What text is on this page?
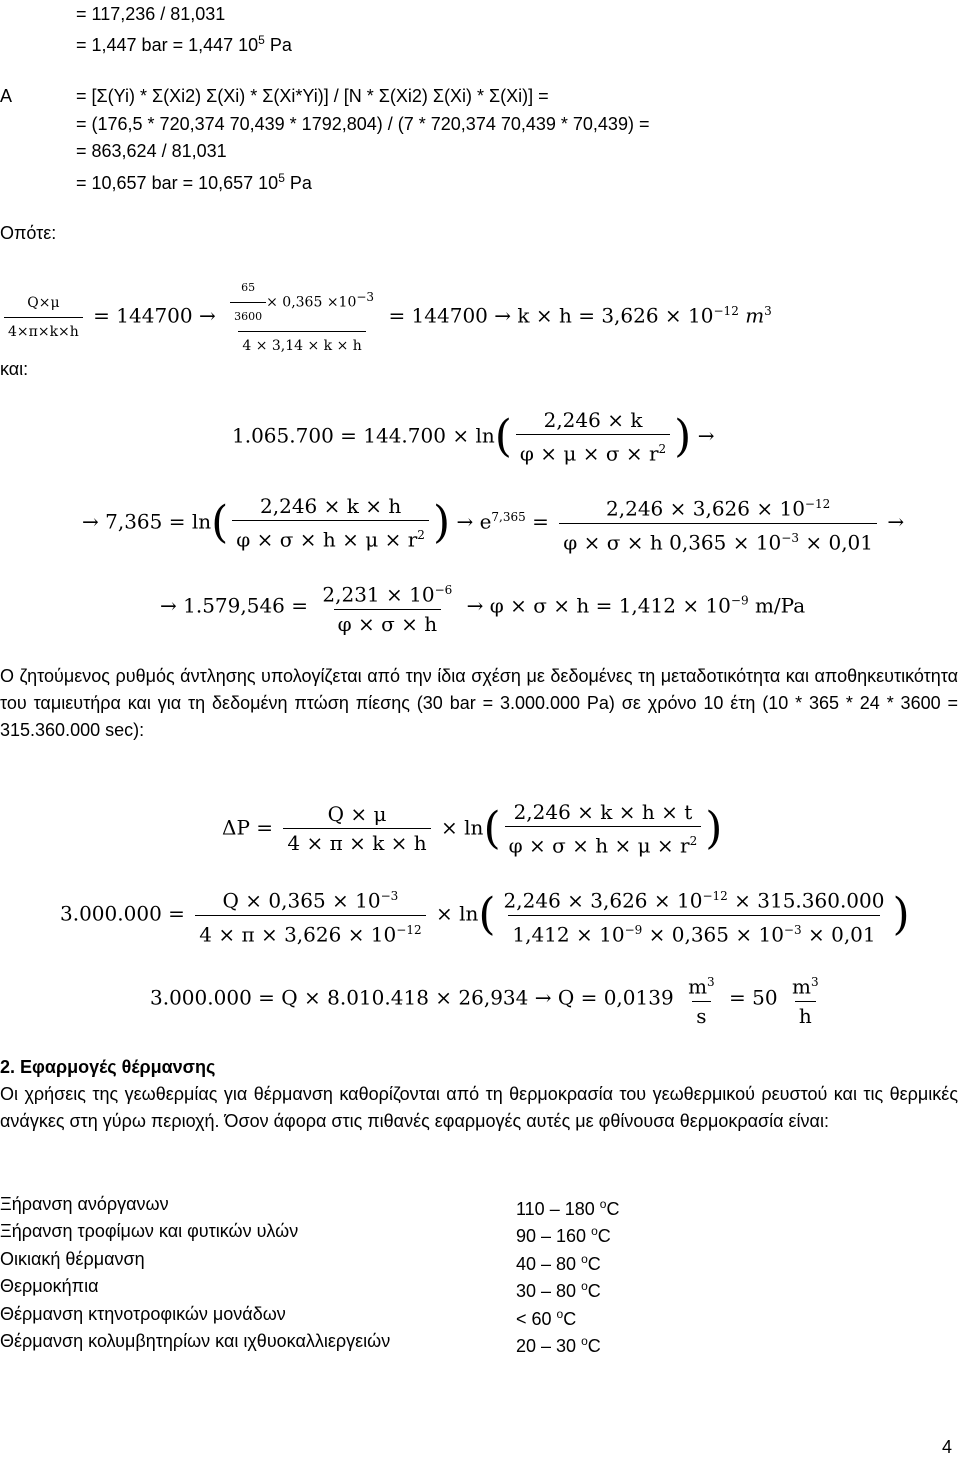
= 117,236 / 81,031
= 1,447 bar = 1,447 $10^5$ Pa
A	= [Σ(Yi) * Σ(Xi2) Σ(Xi) * Σ(Xi*Yi)] / [N * Σ(Xi2) Σ(Xi) * Σ(Xi)] =
= (176,5 * 720,374 70,439 * 1792,804) / (7 * 720,374 70,439 * 70,439) =
= 863,624 / 81,031
= 10,657 bar = 10,657 $10^5$ Pa
Οπότε:
$\frac{Q\times\mu}{4\times\pi\times k\times h} = 144700 \to \frac{\frac{65}{3600} \times 0,365 \times 10^{-3}}{4 \times 3,14 \times k \times h} = 144700 \to k \times h = 3,626 \times 10^{-12}$ $m^3$
και:
$1.065.700 = 144.700 \times \ln( \frac{2,246 \times k}{\varphi \times \mu \times \sigma \times r^2}$ ) →
→ $7,365 = \ln( \frac{2,246 \times k \times h}{\varphi \times \sigma \times h \times \mu \times r^2}$ ) → $e^{7,365} = \frac{2,246 \times 3,626 \times 10^{-12}}{\varphi \times \sigma \times h 0,365 \times 10^{-3} \times 0,01}$ →
→ $1.579,546 = \frac{2,231 \times 10^{-6}}{\varphi \times \sigma \times h} \to \varphi \times \sigma \times h = 1,412 \times 10^{-9}$ m/Pa
Ο ζητούμενος ρυθμός άντλησης υπολογίζεται από την ίδια σχέση με δεδομένες τη μεταδοτικότητα και αποθηκευτικότητα του ταμιευτήρα και για τη δεδομένη πτώση πίεσης (30 bar = 3.000.000 Pa) σε χρόνο 10 έτη (10 * 365 * 24 * 3600 = 315.360.000 sec):
$\Delta P = \frac{Q \times \mu}{4 \times \pi \times k \times h} \times \ln( \frac{2,246 \times k \times h \times t}{\varphi \times \sigma \times h \times \mu \times r^2}$ )
$3.000.000 = \frac{Q \times 0,365 \times 10^{-3}}{4 \times \pi \times 3,626 \times 10^{-12}} \times \ln( \frac{2,246 \times 3,626 \times 10^{-12} \times 315.360.000}{1,412 \times 10^{-9} \times 0,365 \times 10^{-3} \times 0,01}$ )
$3.000.000 = Q \times 8.010.418 \times 26,934 \to Q = 0,0139 \frac{m^3}{s} = 50 \frac{m^3}{h}$
2. Εφαρμογές θέρμανσης
Οι χρήσεις της γεωθερμίας για θέρμανση καθορίζονται από τη θερμοκρασία του γεωθερμικού ρευστού και τις θερμικές ανάγκες στη γύρω περιοχή. Όσον άφορα στις πιθανές εφαρμογές αυτές με φθίνουσα θερμοκρασία είναι:
Ξήρανση ανόργανων	110 – 180 $^o$C
Ξήρανση τροφίμων και φυτικών υλών	90 – 160 $^o$C
Οικιακή θέρμανση	40 – 80 $^o$C
Θερμοκήπια	30 – 80 $^o$C
Θέρμανση κτηνοτροφικών μονάδων	< 60 $^o$C
Θέρμανση κολυμβητηρίων και ιχθυοκαλλιεργειών	20 – 30 $^o$C
4
